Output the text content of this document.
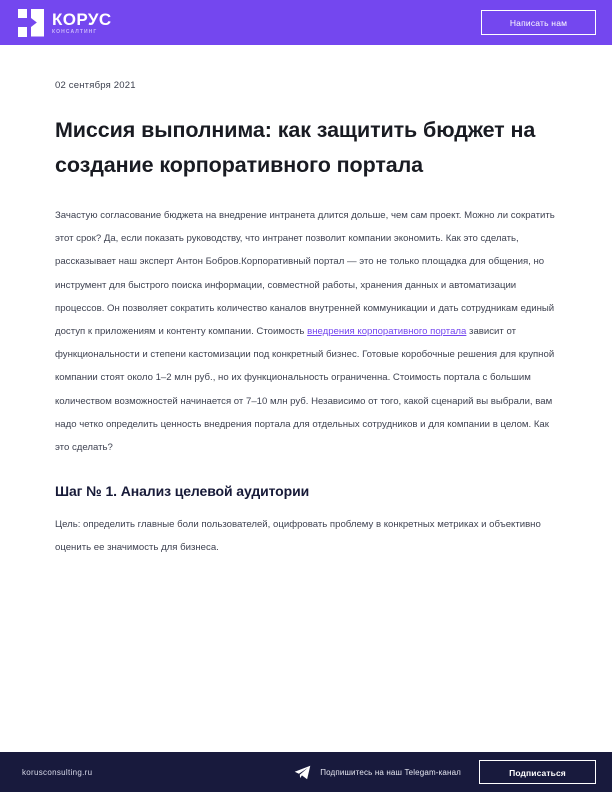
КОРУС
КОНСАЛТИНГ
Написать нам
02 сентября 2021
Миссия выполнима: как защитить бюджет на создание корпоративного портала

Зачастую согласование бюджета на внедрение интранета длится дольше, чем сам проект. Можно ли сократить этот срок? Да, если показать руководству, что интранет позволит компании экономить. Как это сделать, рассказывает наш эксперт Антон Бобров.Корпоративный портал — это не только площадка для общения, но инструмент для быстрого поиска информации, совместной работы, хранения данных и автоматизации процессов. Он позволяет сократить количество каналов внутренней коммуникации и дать сотрудникам единый доступ к приложениям и контенту компании. Стоимость внедрения корпоративного портала зависит от функциональности и степени кастомизации под конкретный бизнес. Готовые коробочные решения для крупной компании стоят около 1–2 млн руб., но их функциональность ограниченна. Стоимость портала с большим количеством возможностей начинается от 7–10 млн руб. Независимо от того, какой сценарий вы выбрали, вам надо четко определить ценность внедрения портала для отдельных сотрудников и для компании в целом. Как это сделать?

Шаг № 1. Анализ целевой аудитории

Цель: определить главные боли пользователей, оцифровать проблему в конкретных метриках и объективно оценить ее значимость для бизнеса.

korusconsulting.ru	Подпишитесь на наш Telegam-канал	Подписаться
